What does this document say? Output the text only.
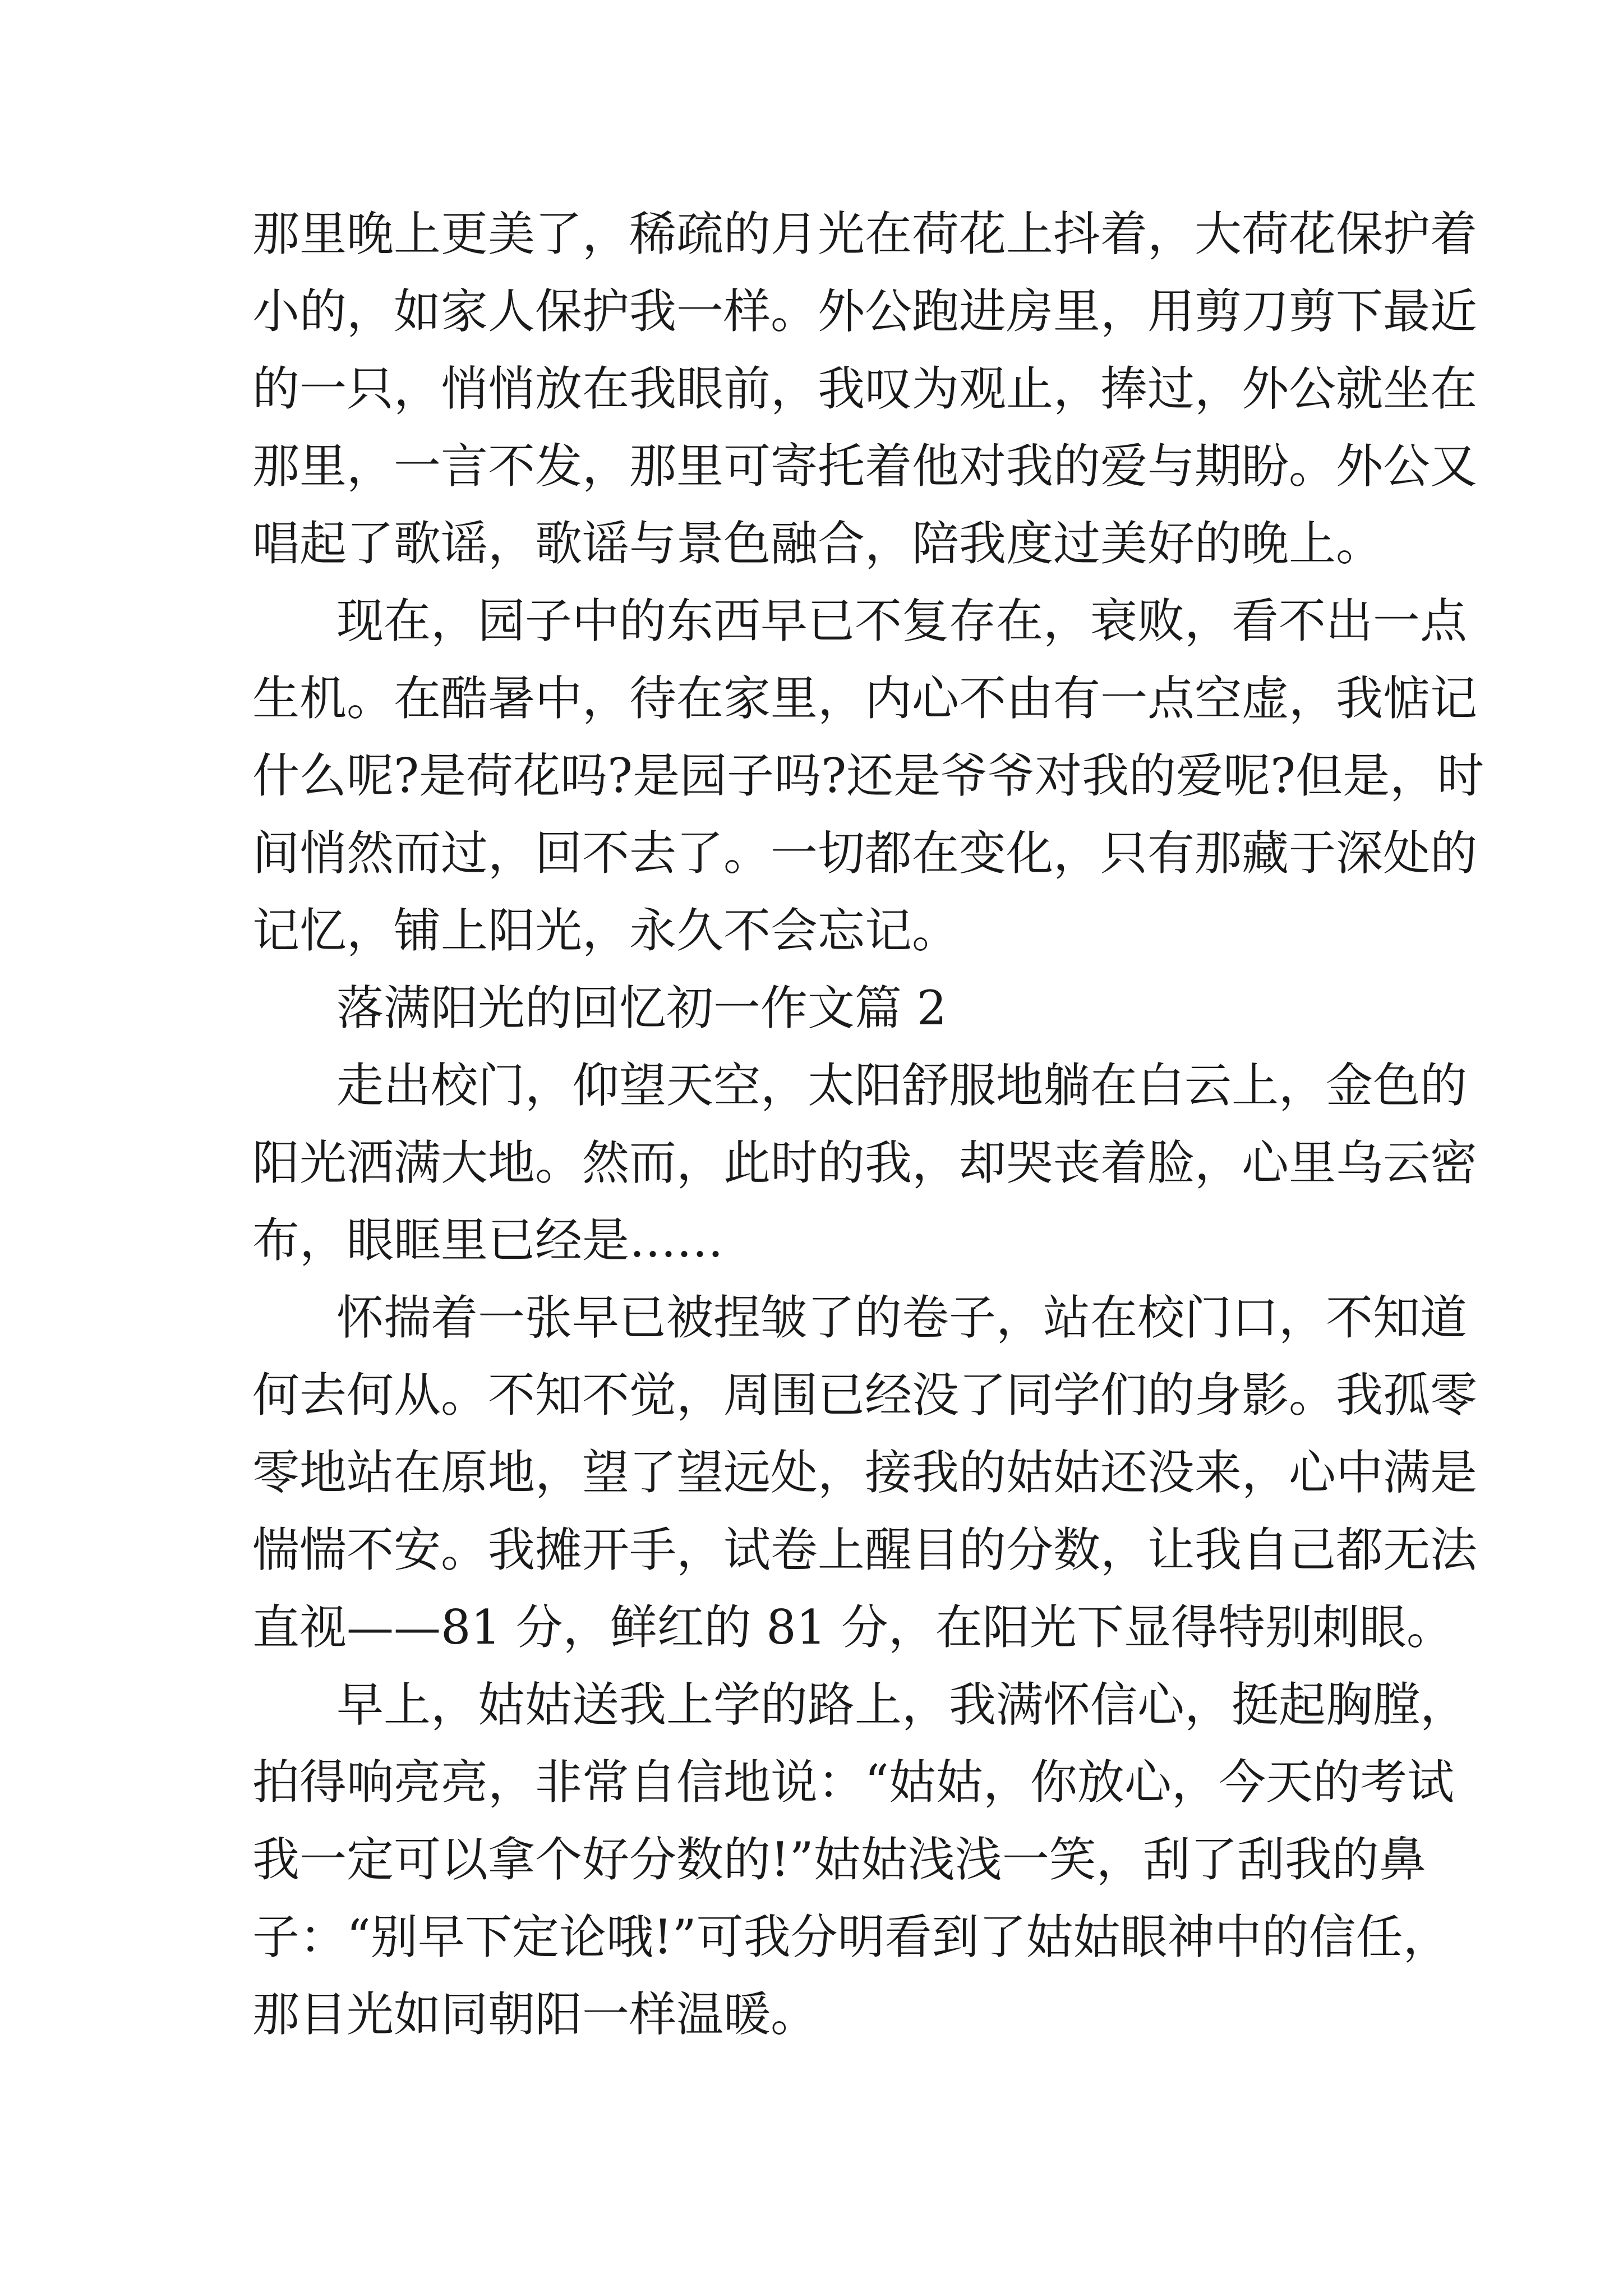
那里晚上更美了，稀疏的月光在荷花上抖着，大荷花保护着
小的，如家人保护我一样。外公跑进房里，用剪刀剪下最近
的一只，悄悄放在我眼前，我叹为观止，捧过，外公就坐在
那里，一言不发，那里可寄托着他对我的爱与期盼。外公又
唱起了歌谣，歌谣与景色融合，陪我度过美好的晚上。
现在，园子中的东西早已不复存在，衰败，看不出一点
生机。在酷暑中，待在家里，内心不由有一点空虚，我惦记
什么呢?是荷花吗?是园子吗?还是爷爷对我的爱呢?但是，时
间悄然而过，回不去了。一切都在变化，只有那藏于深处的
记忆，铺上阳光，永久不会忘记。
落满阳光的回忆初一作文篇 2
走出校门，仰望天空，太阳舒服地躺在白云上，金色的
阳光洒满大地。然而，此时的我，却哭丧着脸，心里乌云密
布，眼眶里已经是……
怀揣着一张早已被捏皱了的卷子，站在校门口，不知道
何去何从。不知不觉，周围已经没了同学们的身影。我孤零
零地站在原地，望了望远处，接我的姑姑还没来，心中满是
惴惴不安。我摊开手，试卷上醒目的分数，让我自己都无法
直视——81 分，鲜红的 81 分，在阳光下显得特别刺眼。
早上，姑姑送我上学的路上，我满怀信心，挺起胸膛，
拍得响亮亮，非常自信地说：“姑姑，你放心，今天的考试
我一定可以拿个好分数的!”姑姑浅浅一笑，刮了刮我的鼻
子：“别早下定论哦!”可我分明看到了姑姑眼神中的信任，
那目光如同朝阳一样温暖。
